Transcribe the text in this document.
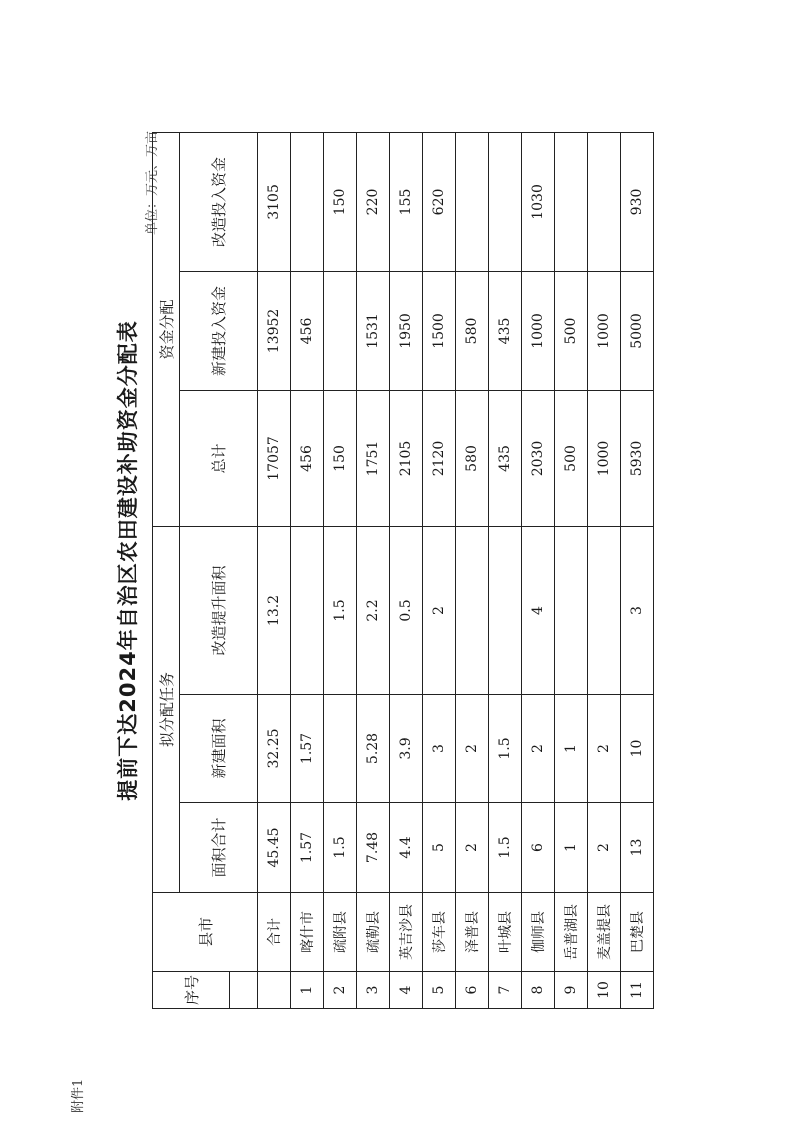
附件1
提前下达2024年自治区农田建设补助资金分配表
单位：万元、万亩
序号	县市	拟分配任务			资金分配		
		面积合计	新建面积	改造提升面积	总计	新建投入资金	改造投入资金

	合计	45.45	32.25	13.2	17057	13952	3105
1	喀什市	1.57	1.57		456	456	
2	疏附县	1.5		1.5	150		150
3	疏勒县	7.48	5.28	2.2	1751	1531	220
4	英吉沙县	4.4	3.9	0.5	2105	1950	155
5	莎车县	5	3	2	2120	1500	620
6	泽普县	2	2		580	580	
7	叶城县	1.5	1.5		435	435	
8	伽师县	6	2	4	2030	1000	1030
9	岳普湖县	1	1		500	500	
10	麦盖提县	2	2		1000	1000	
11	巴楚县	13	10	3	5930	5000	930
